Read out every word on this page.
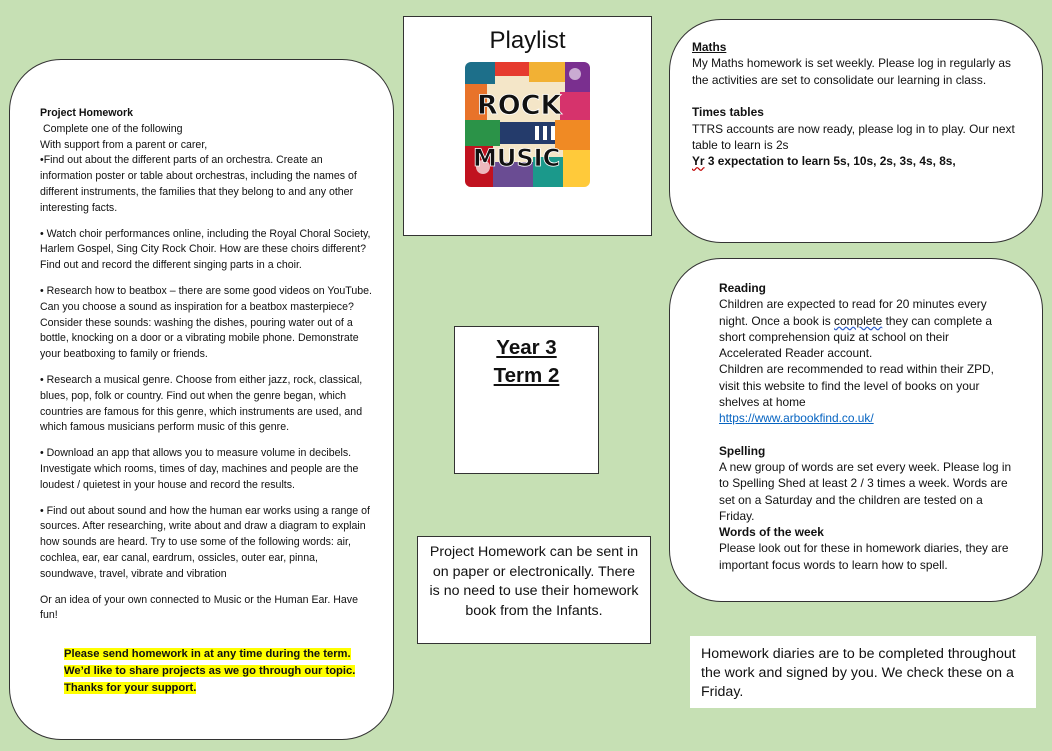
Project Homework
Complete one of the following
With support from a parent or carer,
•Find out about the different parts of an orchestra. Create an information poster or table about orchestras, including the names of different instruments, the families that they belong to and any other interesting facts.

• Watch choir performances online, including the Royal Choral Society, Harlem Gospel, Sing City Rock Choir. How are these choirs different? Find out and record the different singing parts in a choir.

• Research how to beatbox – there are some good videos on YouTube. Can you choose a sound as inspiration for a beatbox masterpiece? Consider these sounds: washing the dishes, pouring water out of a bottle, knocking on a door or a vibrating mobile phone. Demonstrate your beatboxing to family or friends.

• Research a musical genre. Choose from either jazz, rock, classical, blues, pop, folk or country. Find out when the genre began, which countries are famous for this genre, which instruments are used, and which famous musicians perform music of this genre.

• Download an app that allows you to measure volume in decibels. Investigate which rooms, times of day, machines and people are the loudest / quietest in your house and record the results.

• Find out about sound and how the human ear works using a range of sources. After researching, write about and draw a diagram to explain how sounds are heard. Try to use some of the following words: air, cochlea, ear, ear canal, eardrum, ossicles, outer ear, pinna, soundwave, travel, vibrate and vibration

Or an idea of your own connected to Music or the Human Ear. Have fun!

Please send homework in at any time during the term.
We’d like to share projects as we go through our topic.
Thanks for your support.
Playlist
ROCK
MUSIC
Year 3
Term 2
Project Homework can be sent in on paper or electronically. There is no need to use their homework book from the Infants.

Maths

My Maths homework is set weekly. Please log in regularly as the activities are set to consolidate our learning in class.

Times tables

TTRS accounts are now ready, please log in to play. Our next table to learn is 2s

Yr 3 expectation to learn 5s, 10s, 2s, 3s, 4s, 8s,

Reading

Children are expected to read for 20 minutes every night. Once a book is complete they can complete a short comprehension quiz at school on their Accelerated Reader account.

Children are recommended to read within their ZPD, visit this website to find the level of books on your shelves at home

https://www.arbookfind.co.uk/

Spelling

A new group of words are set every week. Please log in to Spelling Shed at least 2 / 3 times a week. Words are set on a Saturday and the children are tested on a Friday.

Words of the week

Please look out for these in homework diaries, they are important focus words to learn how to spell.

Homework diaries are to be completed throughout the work and signed by you. We check these on a Friday.
